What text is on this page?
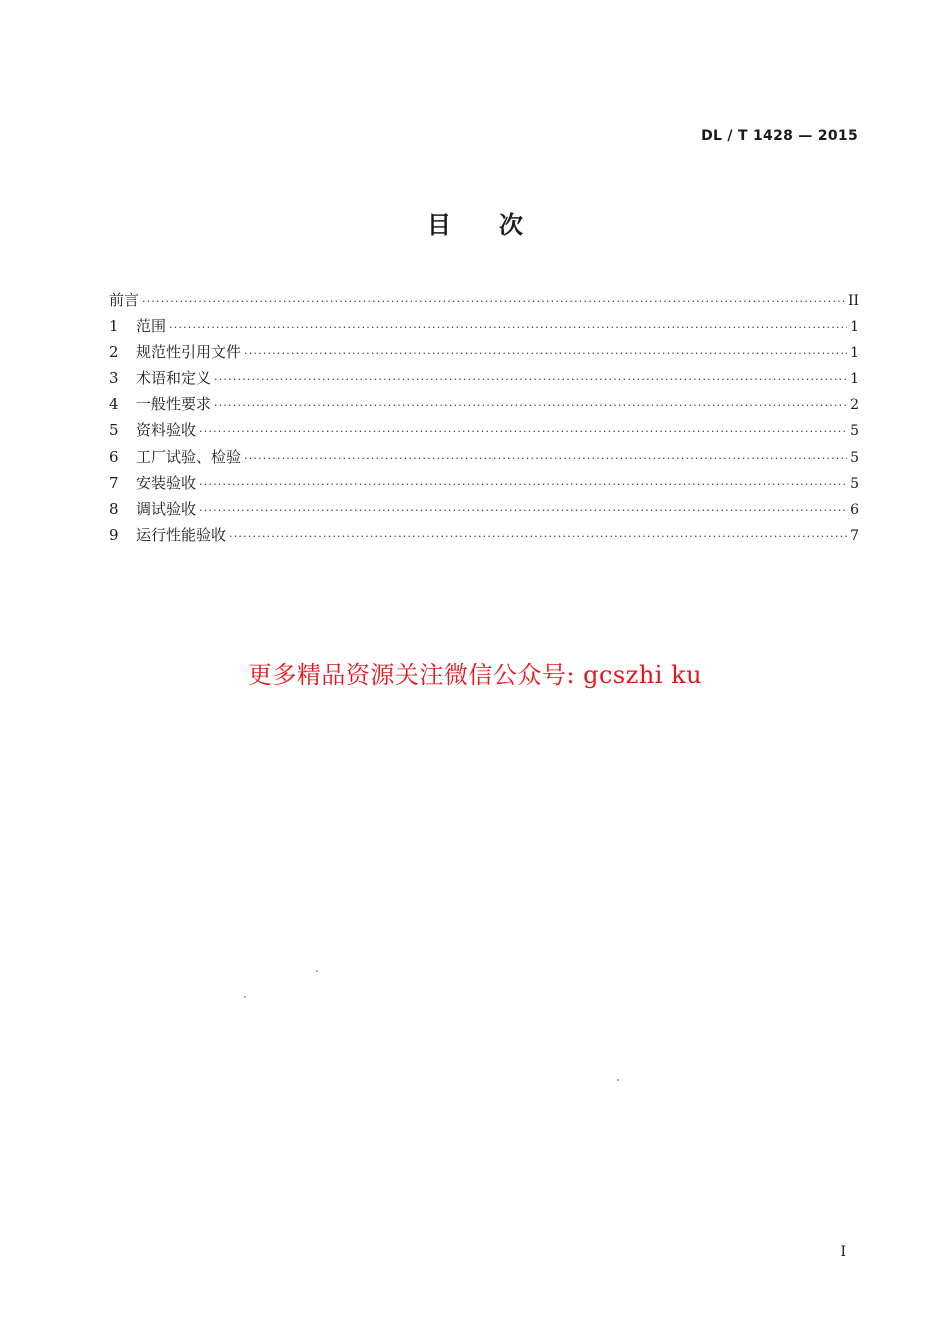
DL / T 1428 — 2015
目次
前言 ·····	II
1	范围 ·····	1
2	规范性引用文件 ·····	1
3	术语和定义 ·····	1
4	一般性要求 ·····	2
5	资料验收 ·····	5
6	工厂试验、检验 ·····	5
7	安装验收 ·····	5
8	调试验收 ·····	6
9	运行性能验收 ·····	7
更多精品资源关注微信公众号: gcszhi ku
I
